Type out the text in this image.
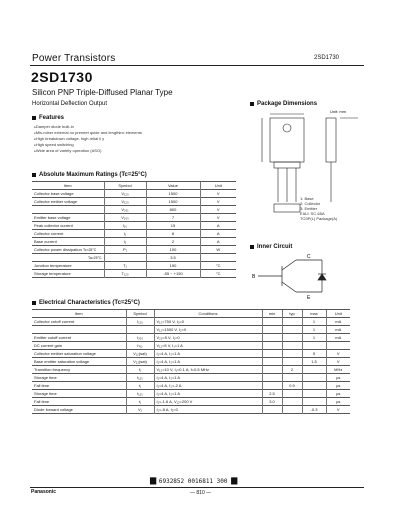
Power Transistors	2SD1730
2SD1730
Silicon PNP Triple-Diffused Planar Type
Horizontal Deflection Output
Features
● Damper diode built-in
● Mis-mixer external no preneet quide and lengthinc elements
● High breakdown voltage, high relial li y
● High speed switching
● Wide area of variety operation (ASO)
Absolute Maximum Ratings (Tc=25°C)
Item	Symbol	Value	Unit
Collector base voltage	V₁₂₀	1500	V
Collector emitter voltage	V₁₂₀	1500	V
	V₂₀₁	800	V
Emitter base voltage	V₂₀₀	7	V
Peak collector current	I₁₀	15	A
Collector current	I₁	8	A
Base current	I₂	2	A
Collector power dissipation Tc=25°C	P₁	100	W
Ta=25°C		3.5	
Junction temperature	T₁	150	°C
Storage temperature	T₁₂₀	-55 ~ +150	°C
Package Dimensions
Unit: mm
1: Base
2: Collector
3: Emitter
EIAJ: SC-65A
TO3P(L) Package(A)
Inner Circuit
B
C
E
Electrical Characteristics (Tc=25°C)
Item	Symbol	Conditions	min	typ	max	Unit
Collector cutoff current	I₁₂₀	V₁₂=750 V, I₂=0			1	mA
		V₁₂=1500 V, I₂=0			1	mA
Emitter cutoff current	I₂₀₀	V₂₀=5 V, I₁=0			1	mA
DC current gain	h₁₂	V₁₂=5 V, I₁=1 A				
Collector emitter saturation voltage	V₁₂(sat)	I₁=4 A, I₂=1 A			5	V
Base emitter saturation voltage	V₂₂(sat)	I₁=4 A, I₂=1 A			1.5	V
Transition frequency	f₁	V₁₂=10 V, I₁=0.1 A, f=0.5 MHz		2		MHz
Storage time	t₁₂₀	I₁=4 A, I₂=1 A				μs
Fall time	t₁	I₁=4 A, I₂=-2 A		0.9		μs
Storage time	t₁₂₀	I₁=4 A, I₂=1 A	2.5			μs
Fall time	t₁	I₁=-1.6 A, V₁₂=200 V	3.0			μs
Diode forward voltage	V₁	I₁=-8 A, I₂=0			-0.3	V
██ 6932852 0016811 300 ██
Panasonic	— 810 —
